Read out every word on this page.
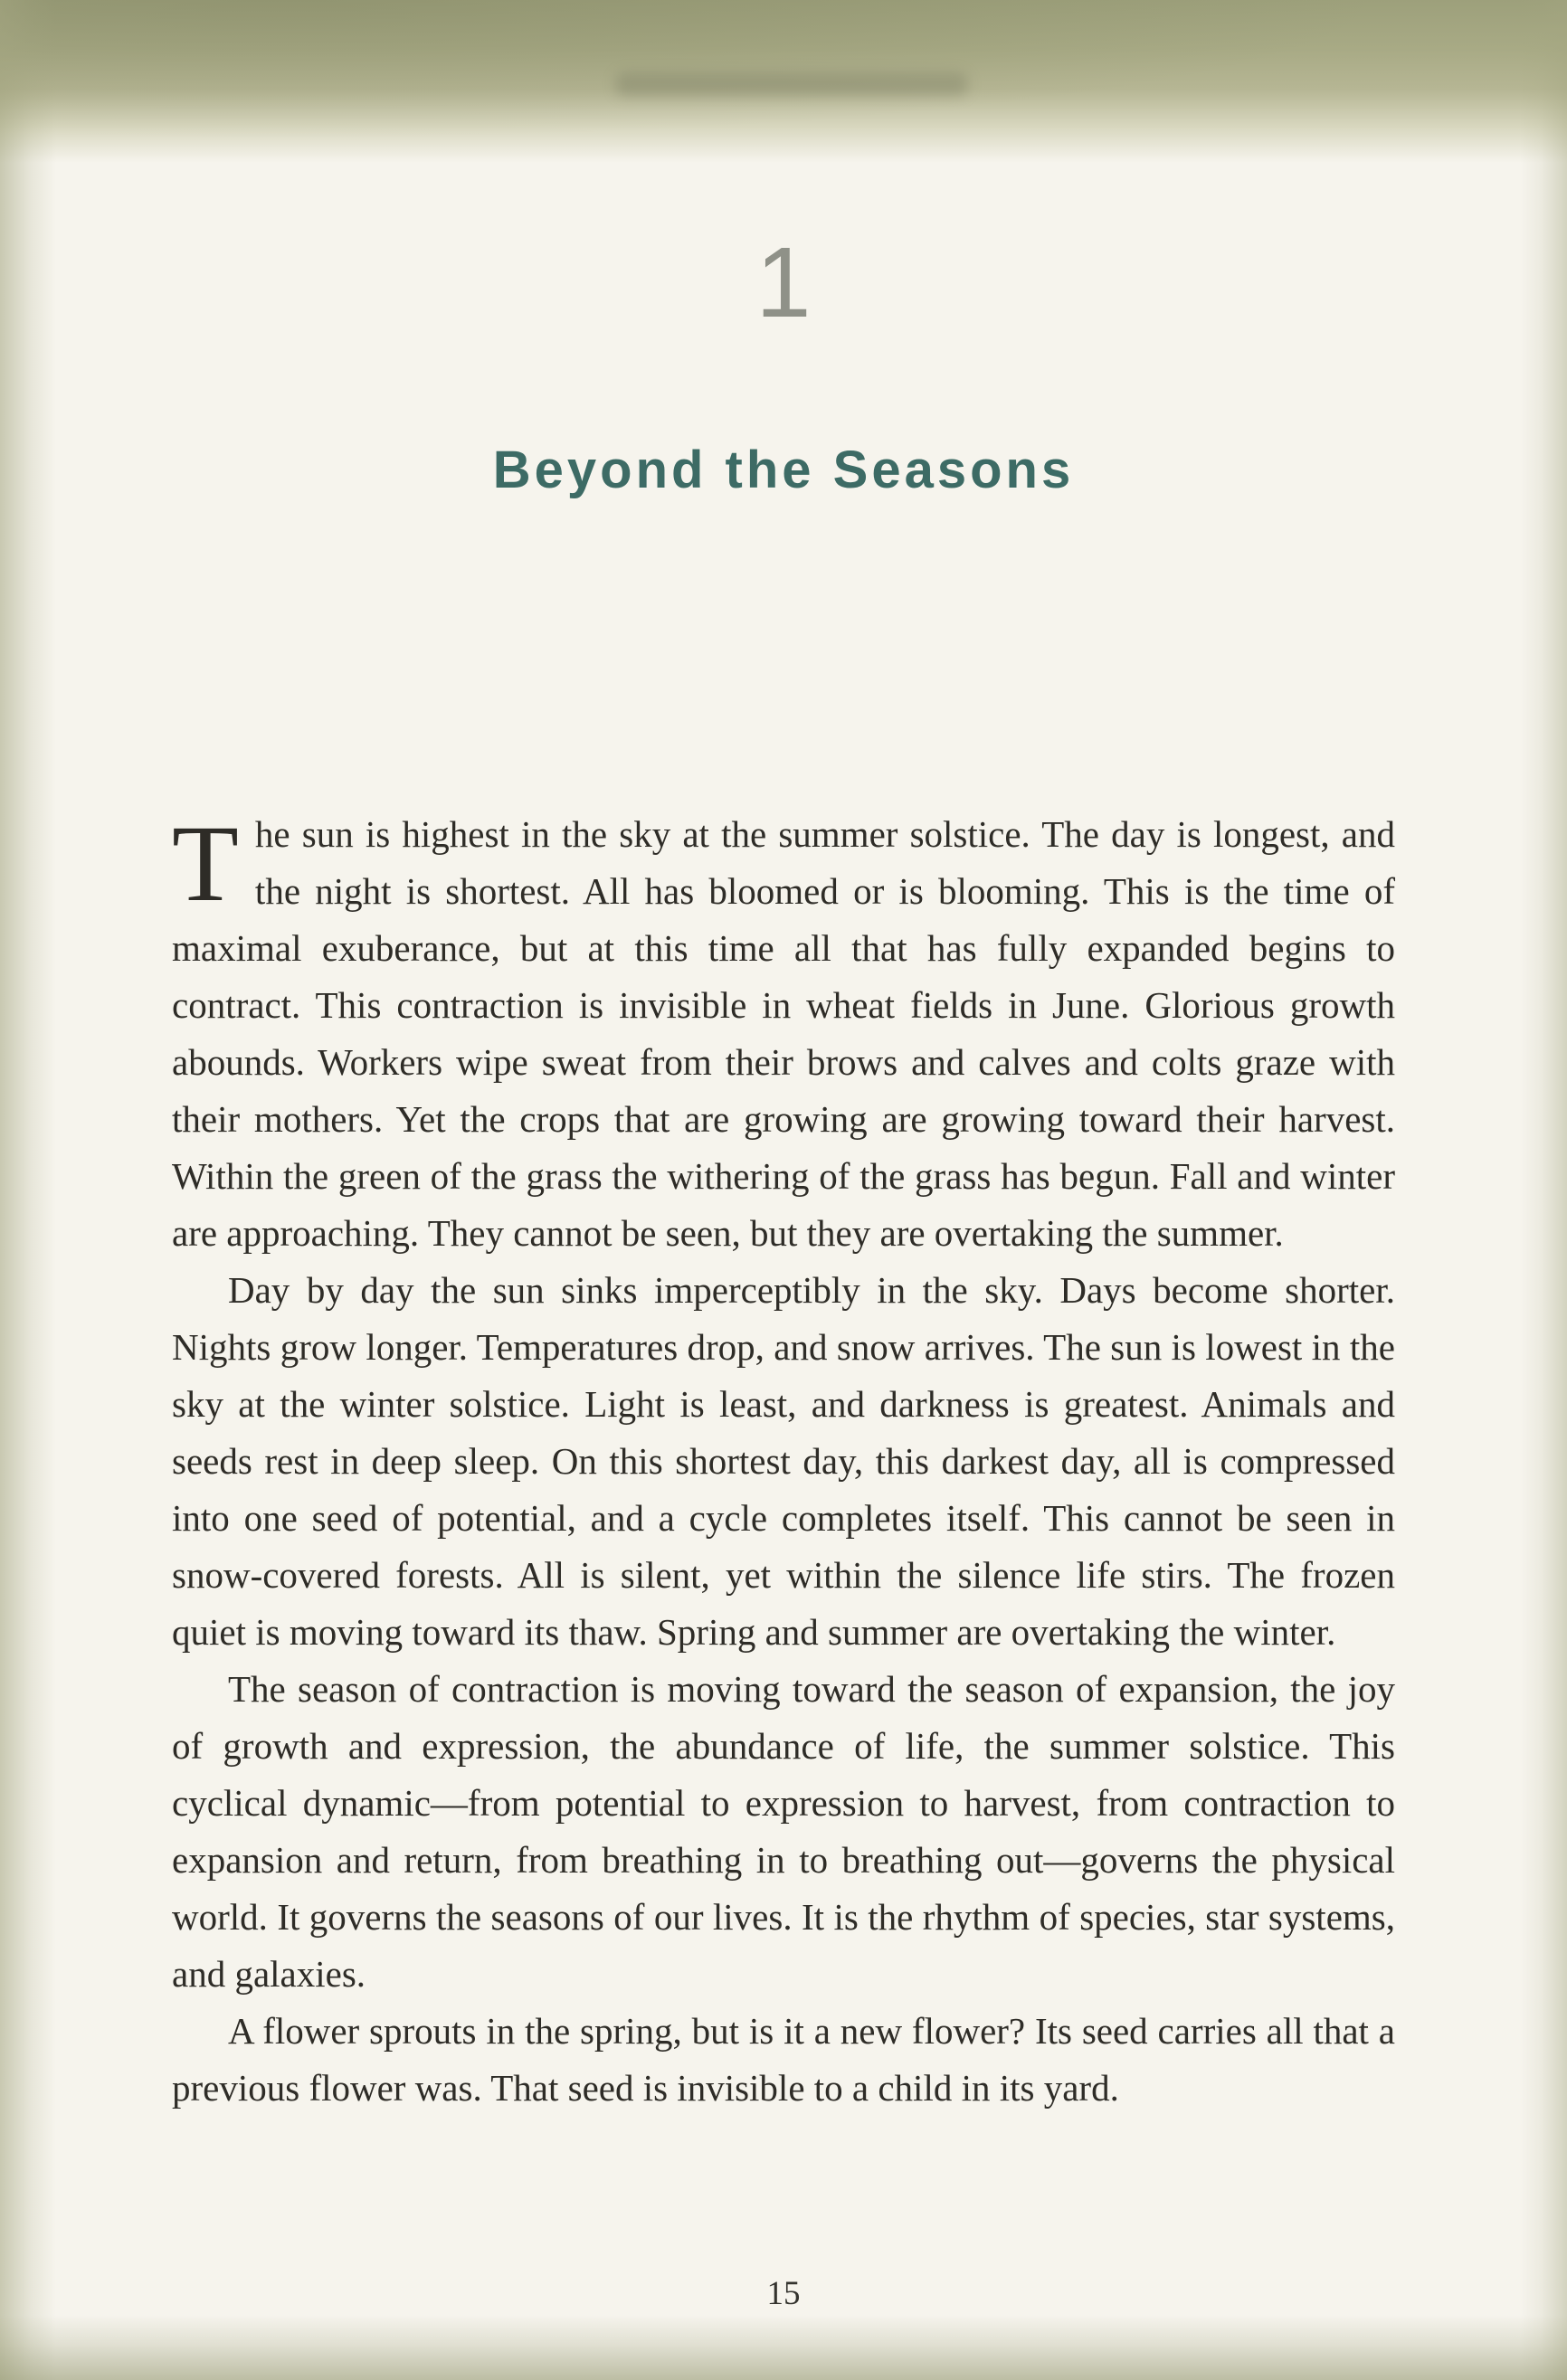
1
Beyond the Seasons

The sun is highest in the sky at the summer solstice. The day is longest, and the night is shortest. All has bloomed or is blooming. This is the time of maximal exuberance, but at this time all that has fully expanded begins to contract. This contraction is invisible in wheat fields in June. Glorious growth abounds. Workers wipe sweat from their brows and calves and colts graze with their mothers. Yet the crops that are growing are growing toward their harvest. Within the green of the grass the withering of the grass has begun. Fall and winter are approaching. They cannot be seen, but they are overtaking the summer.

Day by day the sun sinks imperceptibly in the sky. Days become shorter. Nights grow longer. Temperatures drop, and snow arrives. The sun is lowest in the sky at the winter solstice. Light is least, and darkness is greatest. Animals and seeds rest in deep sleep. On this shortest day, this darkest day, all is compressed into one seed of potential, and a cycle completes itself. This cannot be seen in snow-covered forests. All is silent, yet within the silence life stirs. The frozen quiet is moving toward its thaw. Spring and summer are overtaking the winter.

The season of contraction is moving toward the season of expansion, the joy of growth and expression, the abundance of life, the summer solstice. This cyclical dynamic—from potential to expression to harvest, from contraction to expansion and return, from breathing in to breathing out—governs the physical world. It governs the seasons of our lives. It is the rhythm of species, star systems, and galaxies.

A flower sprouts in the spring, but is it a new flower? Its seed carries all that a previous flower was. That seed is invisible to a child in its yard.

15
